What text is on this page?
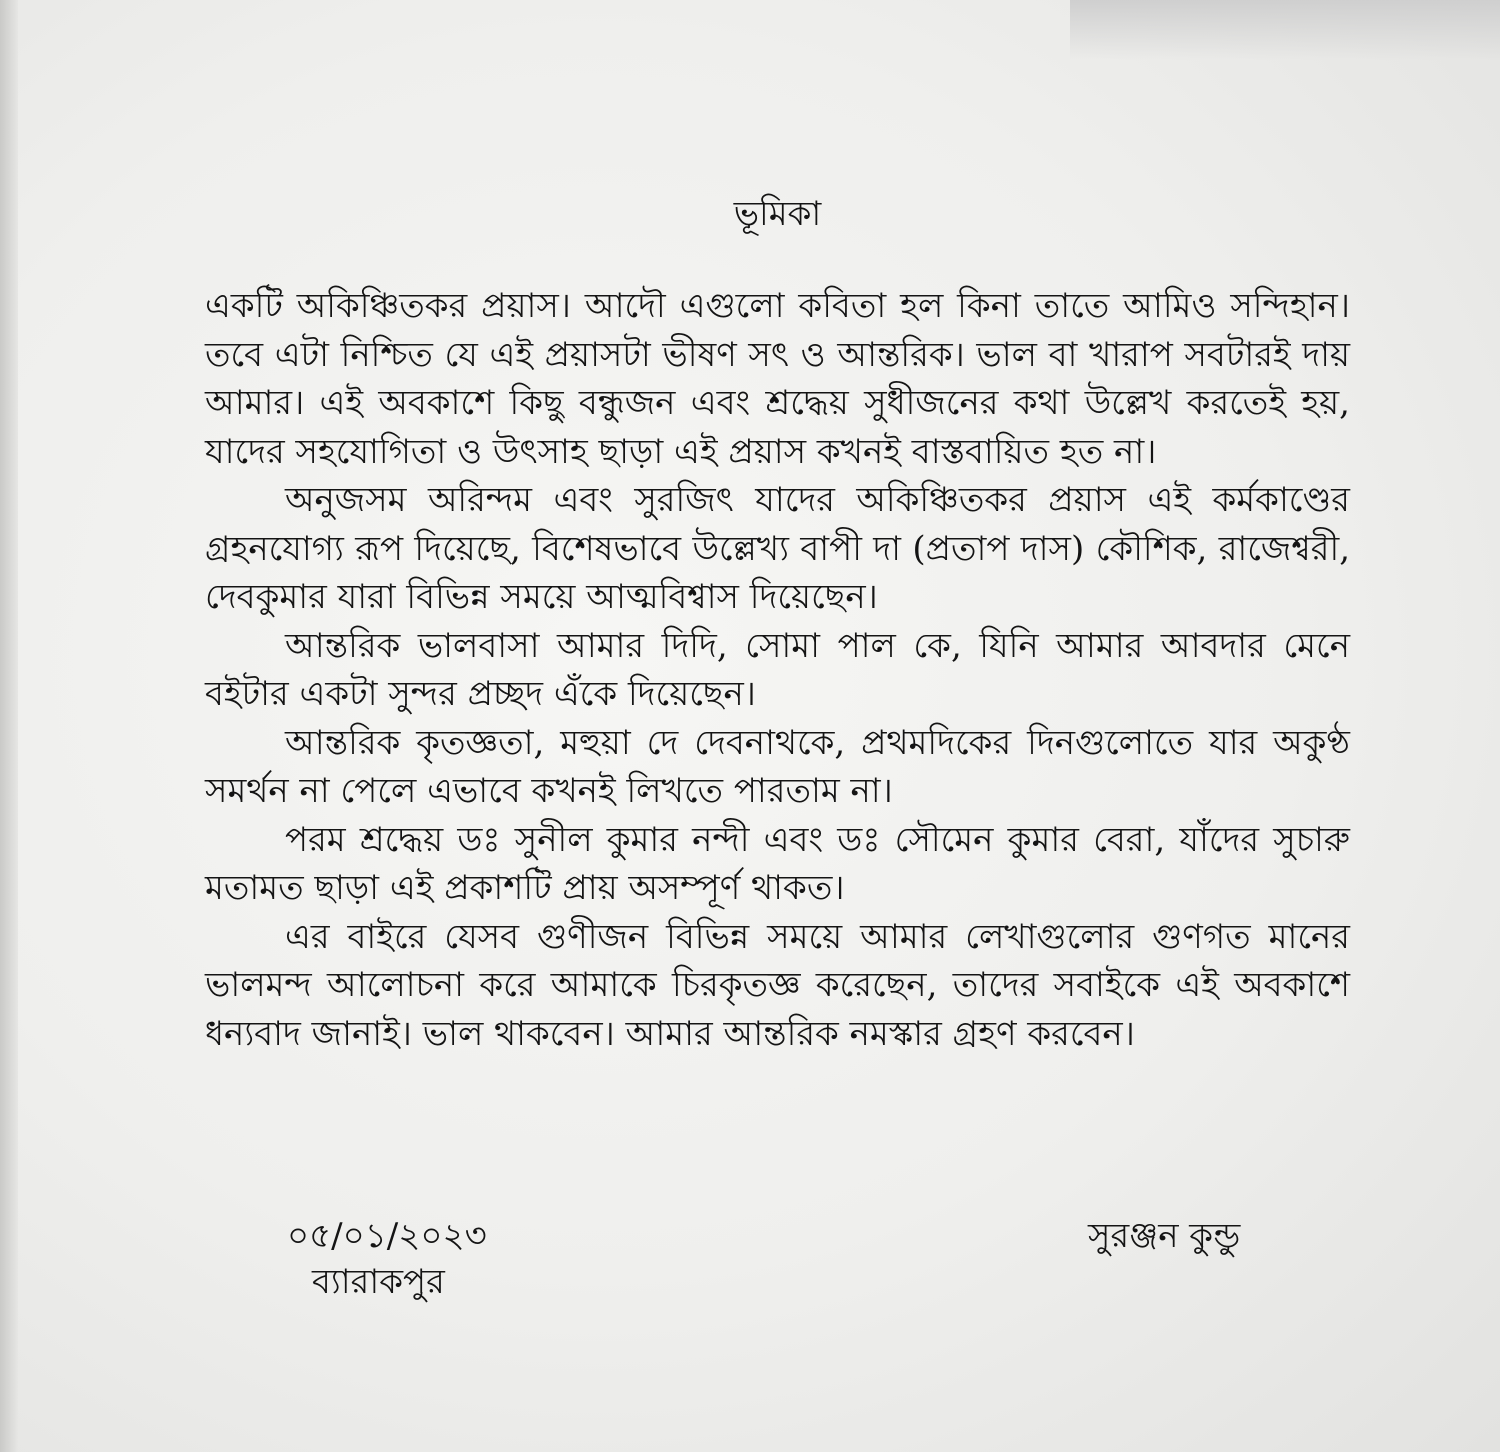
ভূমিকা

একটি অকিঞ্চিতকর প্রয়াস। আদৌ এগুলো কবিতা হল কিনা তাতে আমিও সন্দিহান। তবে এটা নিশ্চিত যে এই প্রয়াসটা ভীষণ সৎ ও আন্তরিক। ভাল বা খারাপ সবটারই দায় আমার। এই অবকাশে কিছু বন্ধুজন এবং শ্রদ্ধেয় সুধীজনের কথা উল্লেখ করতেই হয়, যাদের সহযোগিতা ও উৎসাহ ছাড়া এই প্রয়াস কখনই বাস্তবায়িত হত না।

অনুজসম অরিন্দম এবং সুরজিৎ যাদের অকিঞ্চিতকর প্রয়াস এই কর্মকাণ্ডের গ্রহনযোগ্য রূপ দিয়েছে, বিশেষভাবে উল্লেখ্য বাপী দা (প্রতাপ দাস) কৌশিক, রাজেশ্বরী, দেবকুমার যারা বিভিন্ন সময়ে আত্মবিশ্বাস দিয়েছেন।

আন্তরিক ভালবাসা আমার দিদি, সোমা পাল কে, যিনি আমার আবদার মেনে বইটার একটা সুন্দর প্রচ্ছদ এঁকে দিয়েছেন।

আন্তরিক কৃতজ্ঞতা, মহুয়া দে দেবনাথকে, প্রথমদিকের দিনগুলোতে যার অকুণ্ঠ সমর্থন না পেলে এভাবে কখনই লিখতে পারতাম না।

পরম শ্রদ্ধেয় ডঃ সুনীল কুমার নন্দী এবং ডঃ সৌমেন কুমার বেরা, যাঁদের সুচারু মতামত ছাড়া এই প্রকাশটি প্রায় অসম্পূর্ণ থাকত।

এর বাইরে যেসব গুণীজন বিভিন্ন সময়ে আমার লেখাগুলোর গুণগত মানের ভালমন্দ আলোচনা করে আমাকে চিরকৃতজ্ঞ করেছেন, তাদের সবাইকে এই অবকাশে ধন্যবাদ জানাই। ভাল থাকবেন। আমার আন্তরিক নমস্কার গ্রহণ করবেন।

০৫/০১/২০২৩
ব্যারাকপুর
সুরঞ্জন কুন্ডু
